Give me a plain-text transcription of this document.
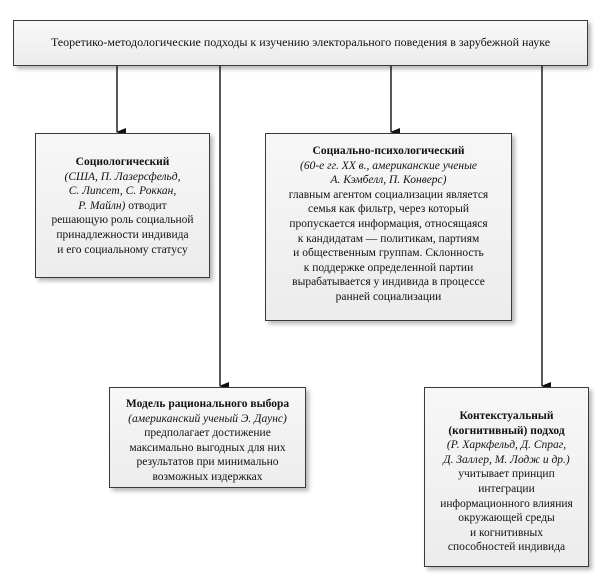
Теоретико-методологические подходы к изучению электорального поведения в зарубежной науке
Социологический
(США, П. Лазерсфельд,
С. Липсет, С. Роккан,
Р. Майлн) отводит
решающую роль социальной
принадлежности индивида
и его социальному статусу
Социально-психологический
(60-е гг. ХХ в., американские ученые
А. Кэмбелл, П. Конверс)
главным агентом социализации является
семья как фильтр, через который
пропускается информация, относящаяся
к кандидатам — политикам, партиям
и общественным группам. Склонность
к поддержке определенной партии
вырабатывается у индивида в процессе
ранней социализации
Модель рационального выбора
(американский ученый Э. Даунс)
предполагает достижение
максимально выгодных для них
результатов при минимально
возможных издержках
Контекстуальный
(когнитивный) подход
(Р. Харкфельд, Д. Спраг,
Д. Заллер, М. Лодж и др.)
учитывает принцип
интеграции
информационного влияния
окружающей среды
и когнитивных
способностей индивида
